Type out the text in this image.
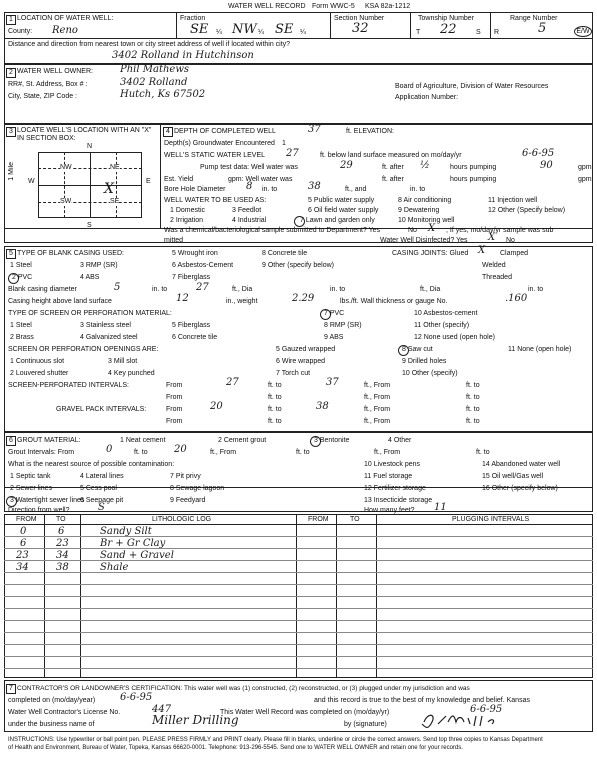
WATER WELL RECORD Form WWC-5 KSA 82a-1212
1 LOCATION OF WATER WELL:
County: Reno
Fraction
SE ¼ NW ¼ SE ¼
Section Number
32
Township Number
T 22	S
Range Number
R	5	E/W
Distance and direction from nearest town or city street address of well if located within city?
3402 Rolland in Hutchinson
2 WATER WELL OWNER:	Phil Mathews
RR#, St. Address, Box # :	3402 Rolland
City, State, ZIP Code :	Hutch, Ks 67502
Board of Agriculture, Division of Water Resources
Application Number:
3 LOCATE WELL'S LOCATION WITH AN "X" IN SECTION BOX:
N
S
W	E
1 Mile	NW	NE
SW	SE
X
4 DEPTH OF COMPLETED WELL	37	ft. ELEVATION:
Depth(s) Groundwater Encountered 1
WELL'S STATIC WATER LEVEL 27	ft. below land surface measured on mo/day/yr	6-6-95
Pump test data: Well water was	29	ft. after ½	hours pumping	90	gpm
Est. Yield	gpm: Well water was	ft. after	hours pumping	gpm
Bore Hole Diameter 8 in. to	38	ft., and	in. to
WELL WATER TO BE USED AS:	5 Public water supply	8 Air conditioning	11 Injection well
1 Domestic	3 Feedlot	6 Oil field water supply	9 Dewatering	12 Other (Specify below)
2 Irrigation	4 Industrial	7 Lawn and garden only	10 Monitoring well
Was a chemical/bacteriological sample submitted to Department? Yes	X
No	; If yes, mo/day/yr sample was sub
mitted	Water Well Disinfected? Yes X No
5 TYPE OF BLANK CASING USED:
1 Steel	3 RMP (SR)
5 Wrought iron
6 Asbestos-Cement
7 Fiberglass
8 Concrete tile
9 Other (specify below)
2 PVC	4 ABS
CASING JOINTS: Glued X Clamped
Welded
Threaded
Blank casing diameter	5	in. to	27	ft., Dia	in. to	ft., Dia	in. to
Casing height above land surface	12	in., weight	2.29	lbs./ft. Wall thickness or gauge No.	.160
TYPE OF SCREEN OR PERFORATION MATERIAL:
1 Steel	3 Stainless steel	5 Fiberglass
7 PVC	10 Asbestos-cement
2 Brass	4 Galvanized steel	6 Concrete tile
8 RMP (SR)	11 Other (specify)
9 ABS	12 None used (open hole)
SCREEN OR PERFORATION OPENINGS ARE:
1 Continuous slot	3 Mill slot
5 Gauzed wrapped	8 Saw cut	11 None (open hole)
2 Louvered shutter	4 Key punched
6 Wire wrapped	9 Drilled holes
7 Torch cut	10 Other (specify)
SCREEN-PERFORATED INTERVALS:	From	27	ft. to	37	ft., From	ft. to
From	ft. to	ft., From	ft. to
GRAVEL PACK INTERVALS:	From	20	ft. to	38	ft., From	ft. to
From	ft. to	ft., From	ft. to
6 GROUT MATERIAL:	1 Neat cement	2 Cement grout	3 Bentonite	4 Other
Grout Intervals: From	0	ft. to	20	ft., From	ft. to	ft., From	ft. to
What is the nearest source of possible contamination:
1 Septic tank	4 Lateral lines	7 Pit privy
10 Livestock pens	14 Abandoned water well
11 Fuel storage	15 Oil well/Gas well
2 Sewer lines	5 Cess pool	8 Sewage lagoon	12 Fertilizer storage	16 Other (specify below)
3 Watertight sewer lines
6 Seepage pit	9 Feedyard	13 Insecticide storage
Direction from well?	S	How many feet? 11
FROM	TO	LITHOLOGIC LOG	FROM	TO	PLUGGING INTERVALS
0	6	Sandy Silt
6	23	Br + Gr Clay
23	34	Sand + Gravel
34	38	Shale
7 CONTRACTOR'S OR LANDOWNER'S CERTIFICATION: This water well was (1) constructed, (2) reconstructed, or (3) plugged under my jurisdiction and was
completed on (mo/day/year) 6-6-95	and this record is true to the best of my knowledge and belief. Kansas
Water Well Contractor's License No.	447	This Water Well Record was completed on (mo/day/yr)	6-6-95
under the business name of	Miller Drilling	by (signature)
INSTRUCTIONS: Use typewriter or ball point pen. PLEASE PRESS FIRMLY and PRINT clearly. Please fill in blanks, underline or circle the correct answers. Send top three copies to Kansas Department
of Health and Environment, Bureau of Water, Topeka, Kansas 66620-0001. Telephone: 913-296-5545. Send one to WATER WELL OWNER and retain one for your records.
